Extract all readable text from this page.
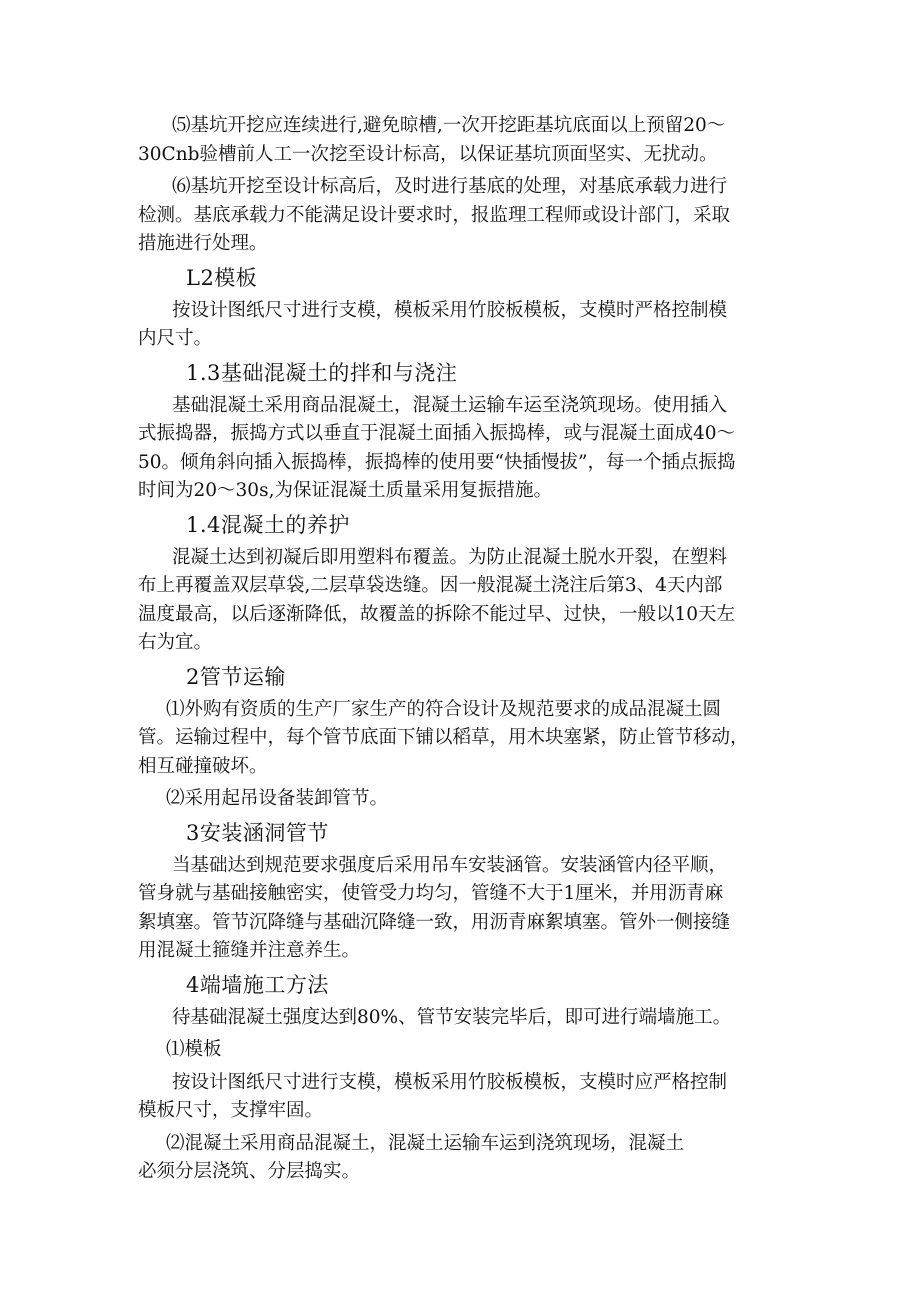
⑸基坑开挖应连续进行,避免晾槽,一次开挖距基坑底面以上预留20～
30Cnb验槽前人工一次挖至设计标高，以保证基坑顶面坚实、无扰动。
⑹基坑开挖至设计标高后，及时进行基底的处理，对基底承载力进行
检测。基底承载力不能满足设计要求时，报监理工程师或设计部门，采取
措施进行处理。
L2模板
按设计图纸尺寸进行支模，模板采用竹胶板模板，支模时严格控制模
内尺寸。
1.3基础混凝土的拌和与浇注
基础混凝土采用商品混凝土，混凝土运输车运至浇筑现场。使用插入
式振捣器，振捣方式以垂直于混凝土面插入振捣棒，或与混凝土面成40～
50。倾角斜向插入振捣棒，振捣棒的使用要“快插慢拔”，每一个插点振捣
时间为20～30s,为保证混凝土质量采用复振措施。
1.4混凝土的养护
混凝土达到初凝后即用塑料布覆盖。为防止混凝土脱水开裂，在塑料
布上再覆盖双层草袋,二层草袋迭缝。因一般混凝土浇注后第3、4天内部
温度最高，以后逐渐降低，故覆盖的拆除不能过早、过快，一般以10天左
右为宜。
2管节运输
⑴外购有资质的生产厂家生产的符合设计及规范要求的成品混凝土圆
管。运输过程中，每个管节底面下铺以稻草，用木块塞紧，防止管节移动，
相互碰撞破坏。
⑵采用起吊设备装卸管节。
3安装涵洞管节
当基础达到规范要求强度后采用吊车安装涵管。安装涵管内径平顺，
管身就与基础接触密实，使管受力均匀，管缝不大于1厘米，并用沥青麻
絮填塞。管节沉降缝与基础沉降缝一致，用沥青麻絮填塞。管外一侧接缝
用混凝土箍缝并注意养生。
4端墙施工方法
待基础混凝土强度达到80%、管节安装完毕后，即可进行端墙施工。
⑴模板
按设计图纸尺寸进行支模，模板采用竹胶板模板，支模时应严格控制
模板尺寸，支撑牢固。
⑵混凝土采用商品混凝土，混凝土运输车运到浇筑现场，混凝土
必须分层浇筑、分层捣实。
